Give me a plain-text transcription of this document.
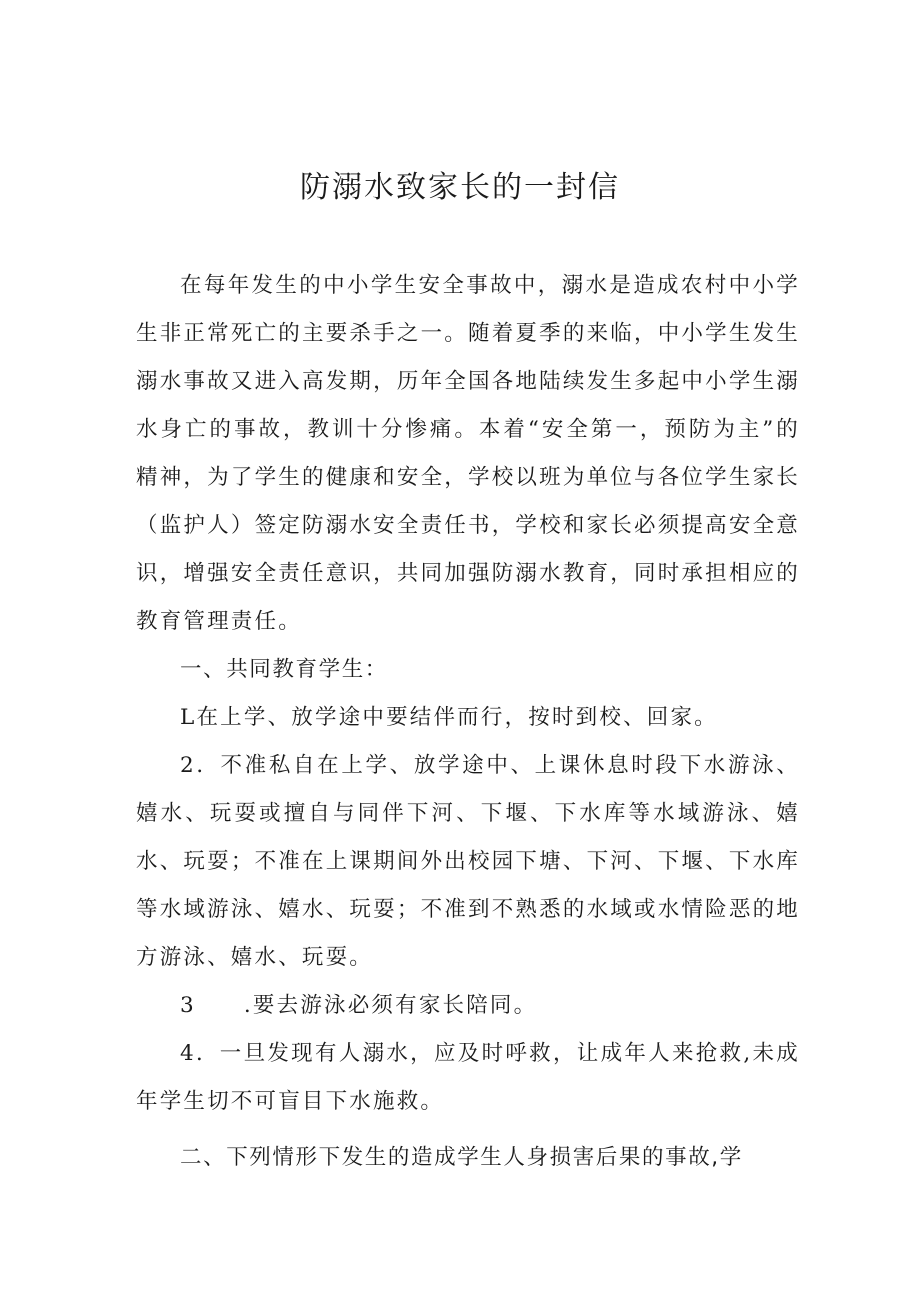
防溺水致家长的一封信

在每年发生的中小学生安全事故中，溺水是造成农村中小学生非正常死亡的主要杀手之一。随着夏季的来临，中小学生发生溺水事故又进入高发期，历年全国各地陆续发生多起中小学生溺水身亡的事故，教训十分惨痛。本着“安全第一，预防为主”的精神，为了学生的健康和安全，学校以班为单位与各位学生家长（监护人）签定防溺水安全责任书，学校和家长必须提高安全意识，增强安全责任意识，共同加强防溺水教育，同时承担相应的教育管理责任。

一、共同教育学生：

L在上学、放学途中要结伴而行，按时到校、回家。

2．不准私自在上学、放学途中、上课休息时段下水游泳、嬉水、玩耍或擅自与同伴下河、下堰、下水库等水域游泳、嬉水、玩耍；不准在上课期间外出校园下塘、下河、下堰、下水库等水域游泳、嬉水、玩耍；不准到不熟悉的水域或水情险恶的地方游泳、嬉水、玩耍。

3 .要去游泳必须有家长陪同。

4．一旦发现有人溺水，应及时呼救，让成年人来抢救,未成年学生切不可盲目下水施救。

二、下列情形下发生的造成学生人身损害后果的事故,学
